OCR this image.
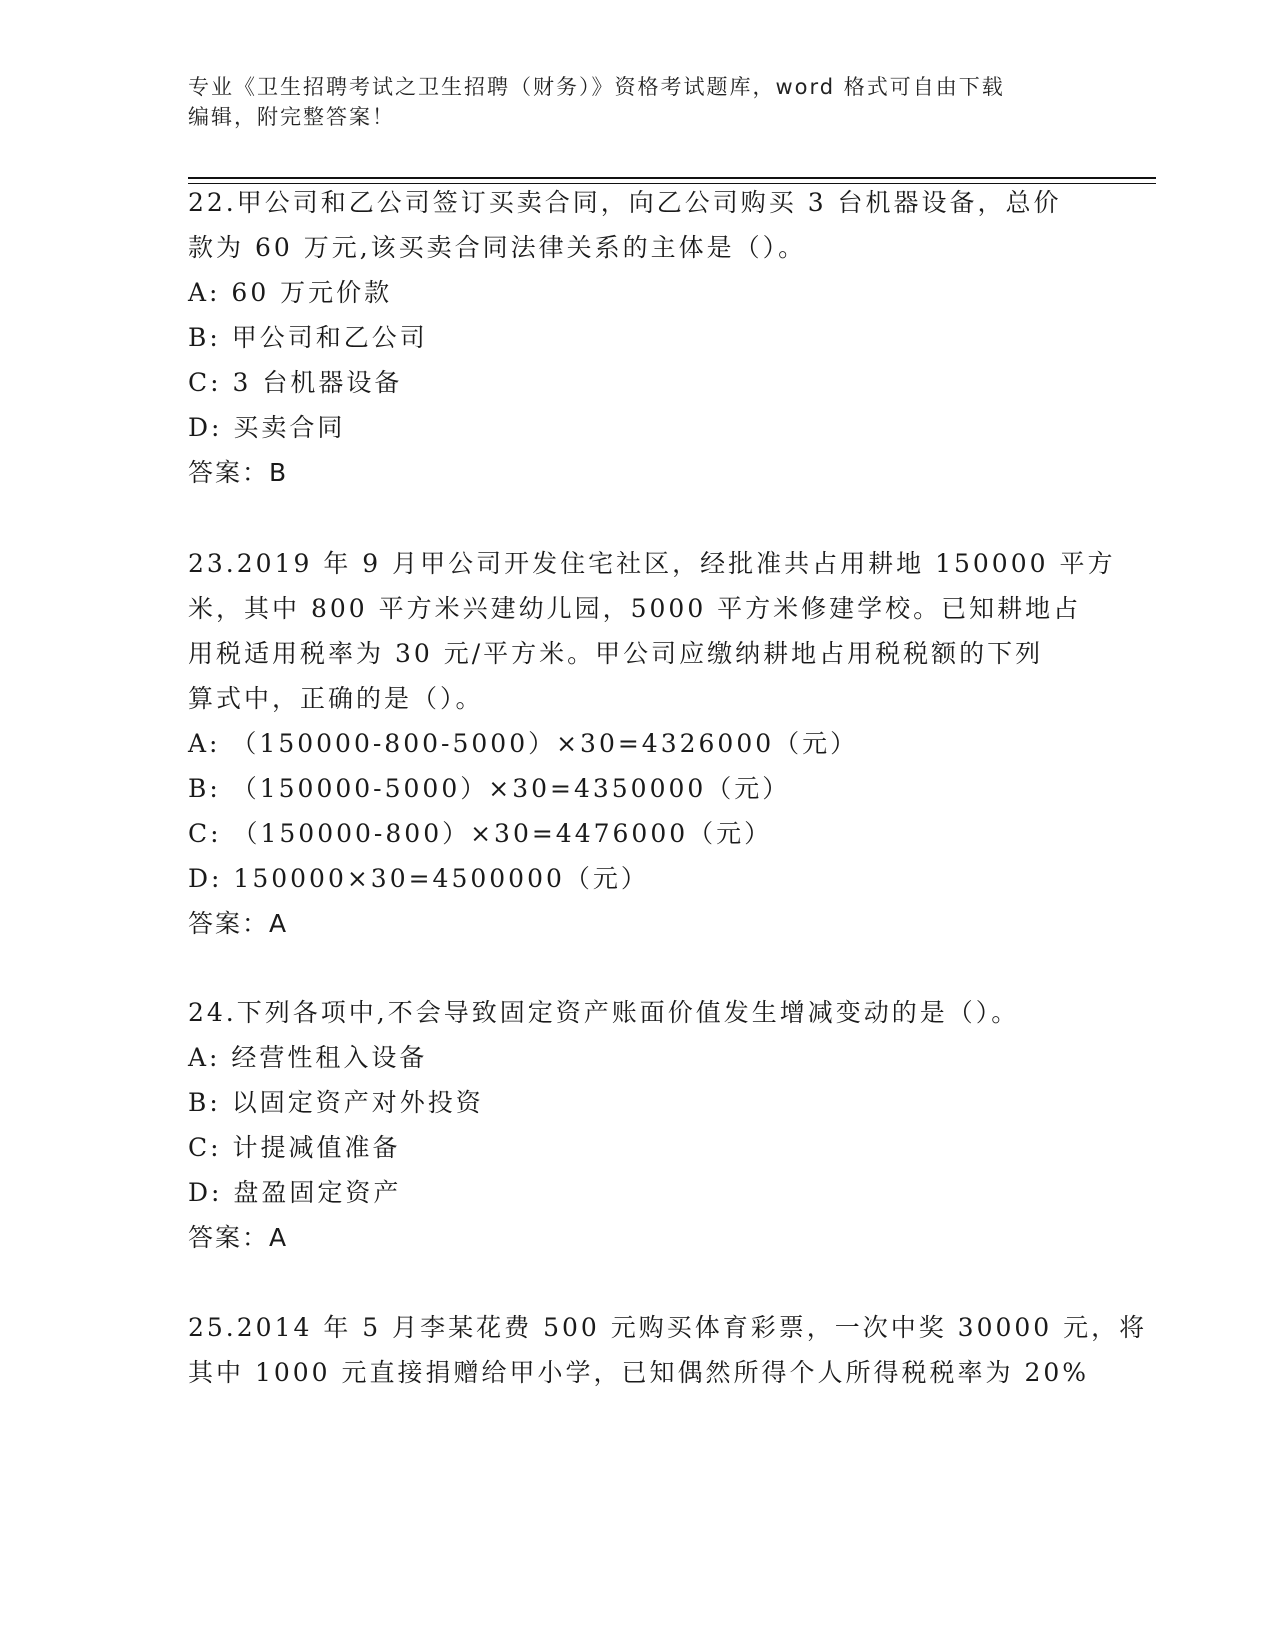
专业《卫生招聘考试之卫生招聘（财务）》资格考试题库，word 格式可自由下载
编辑，附完整答案！
22.甲公司和乙公司签订买卖合同，向乙公司购买 3 台机器设备，总价
款为 60 万元,该买卖合同法律关系的主体是（）。
A: 60 万元价款
B: 甲公司和乙公司
C: 3 台机器设备
D: 买卖合同
答案：B
23.2019 年 9 月甲公司开发住宅社区，经批准共占用耕地 150000 平方
米，其中 800 平方米兴建幼儿园，5000 平方米修建学校。已知耕地占
用税适用税率为 30 元/平方米。甲公司应缴纳耕地占用税税额的下列
算式中，正确的是（）。
A: （150000-800-5000）×30=4326000（元）
B: （150000-5000）×30=4350000（元）
C: （150000-800）×30=4476000（元）
D: 150000×30=4500000（元）
答案：A
24.下列各项中,不会导致固定资产账面价值发生增减变动的是（）。
A: 经营性租入设备
B: 以固定资产对外投资
C: 计提减值准备
D: 盘盈固定资产
答案：A
25.2014 年 5 月李某花费 500 元购买体育彩票，一次中奖 30000 元，将
其中 1000 元直接捐赠给甲小学，已知偶然所得个人所得税税率为 20%
